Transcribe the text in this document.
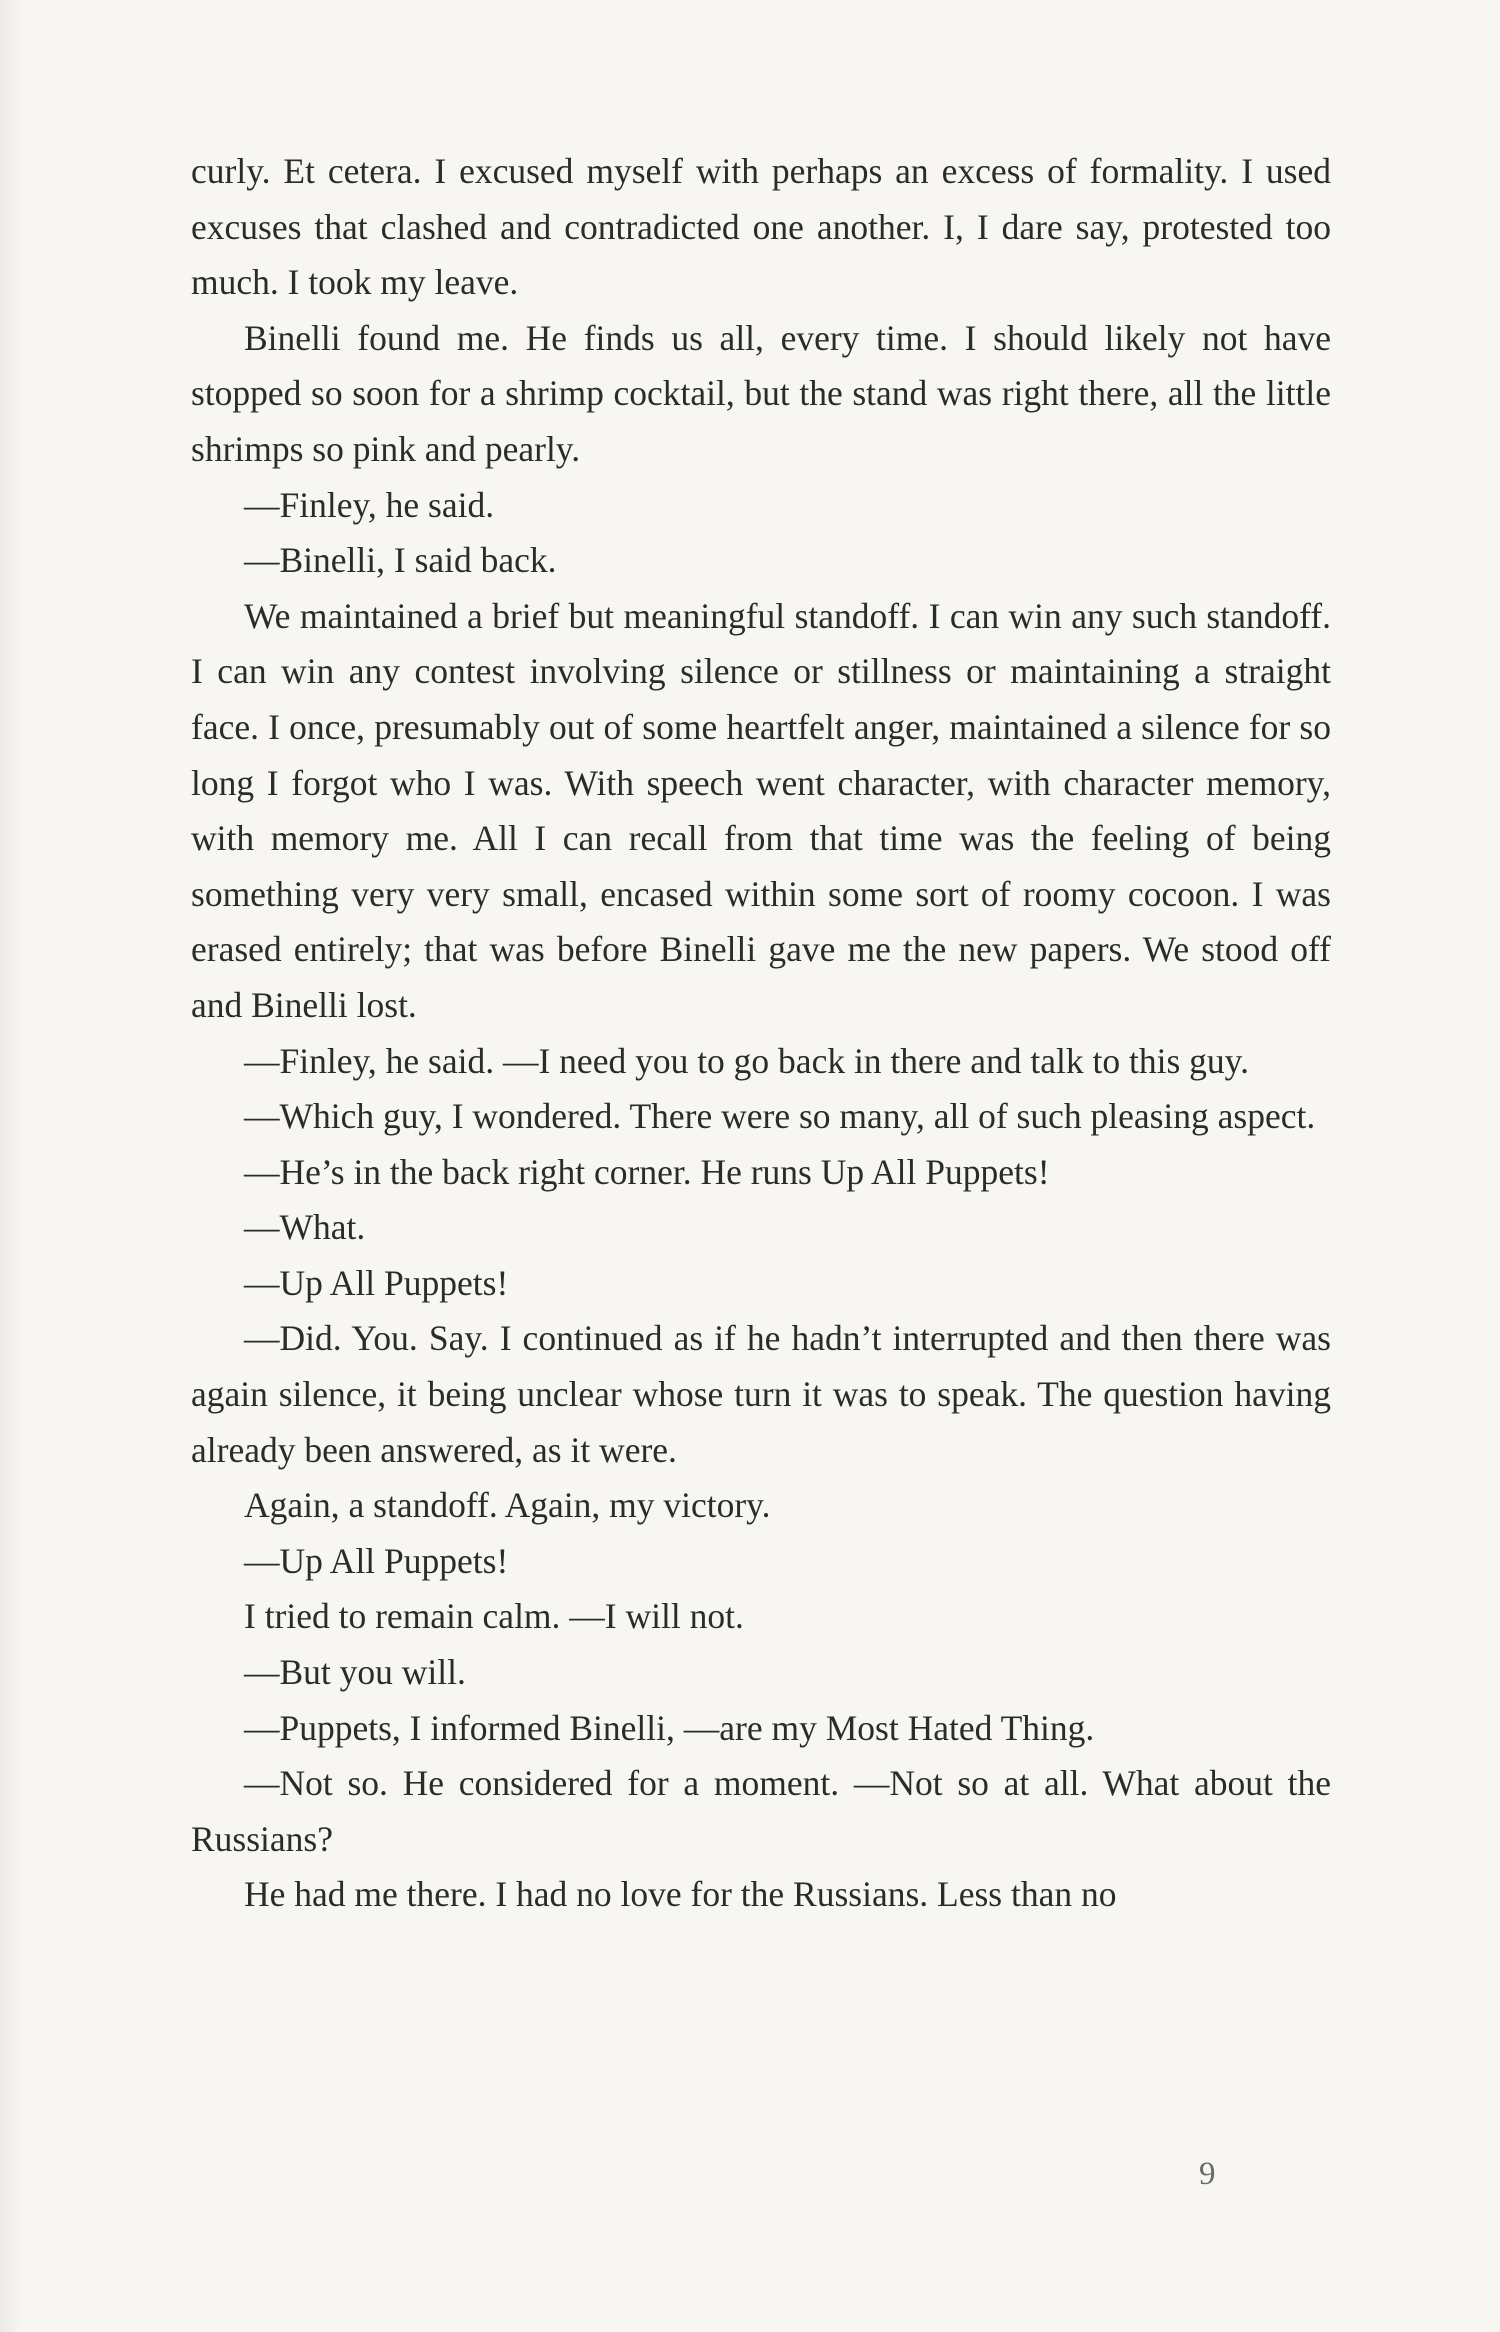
curly. Et cetera. I excused myself with perhaps an excess of formality. I used excuses that clashed and contradicted one another. I, I dare say, protested too much. I took my leave.

Binelli found me. He finds us all, every time. I should likely not have stopped so soon for a shrimp cocktail, but the stand was right there, all the little shrimps so pink and pearly.

—Finley, he said.

—Binelli, I said back.

We maintained a brief but meaningful standoff. I can win any such standoff. I can win any contest involving silence or stillness or maintaining a straight face. I once, presumably out of some heartfelt anger, maintained a silence for so long I forgot who I was. With speech went character, with character memory, with memory me. All I can recall from that time was the feeling of being something very very small, encased within some sort of roomy cocoon. I was erased entirely; that was before Binelli gave me the new papers. We stood off and Binelli lost.

—Finley, he said. —I need you to go back in there and talk to this guy.

—Which guy, I wondered. There were so many, all of such pleasing aspect.

—He’s in the back right corner. He runs Up All Puppets!

—What.

—Up All Puppets!

—Did. You. Say. I continued as if he hadn’t interrupted and then there was again silence, it being unclear whose turn it was to speak. The question having already been answered, as it were.

Again, a standoff. Again, my victory.

—Up All Puppets!

I tried to remain calm. —I will not.

—But you will.

—Puppets, I informed Binelli, —are my Most Hated Thing.

—Not so. He considered for a moment. —Not so at all. What about the Russians?

He had me there. I had no love for the Russians. Less than no

9
